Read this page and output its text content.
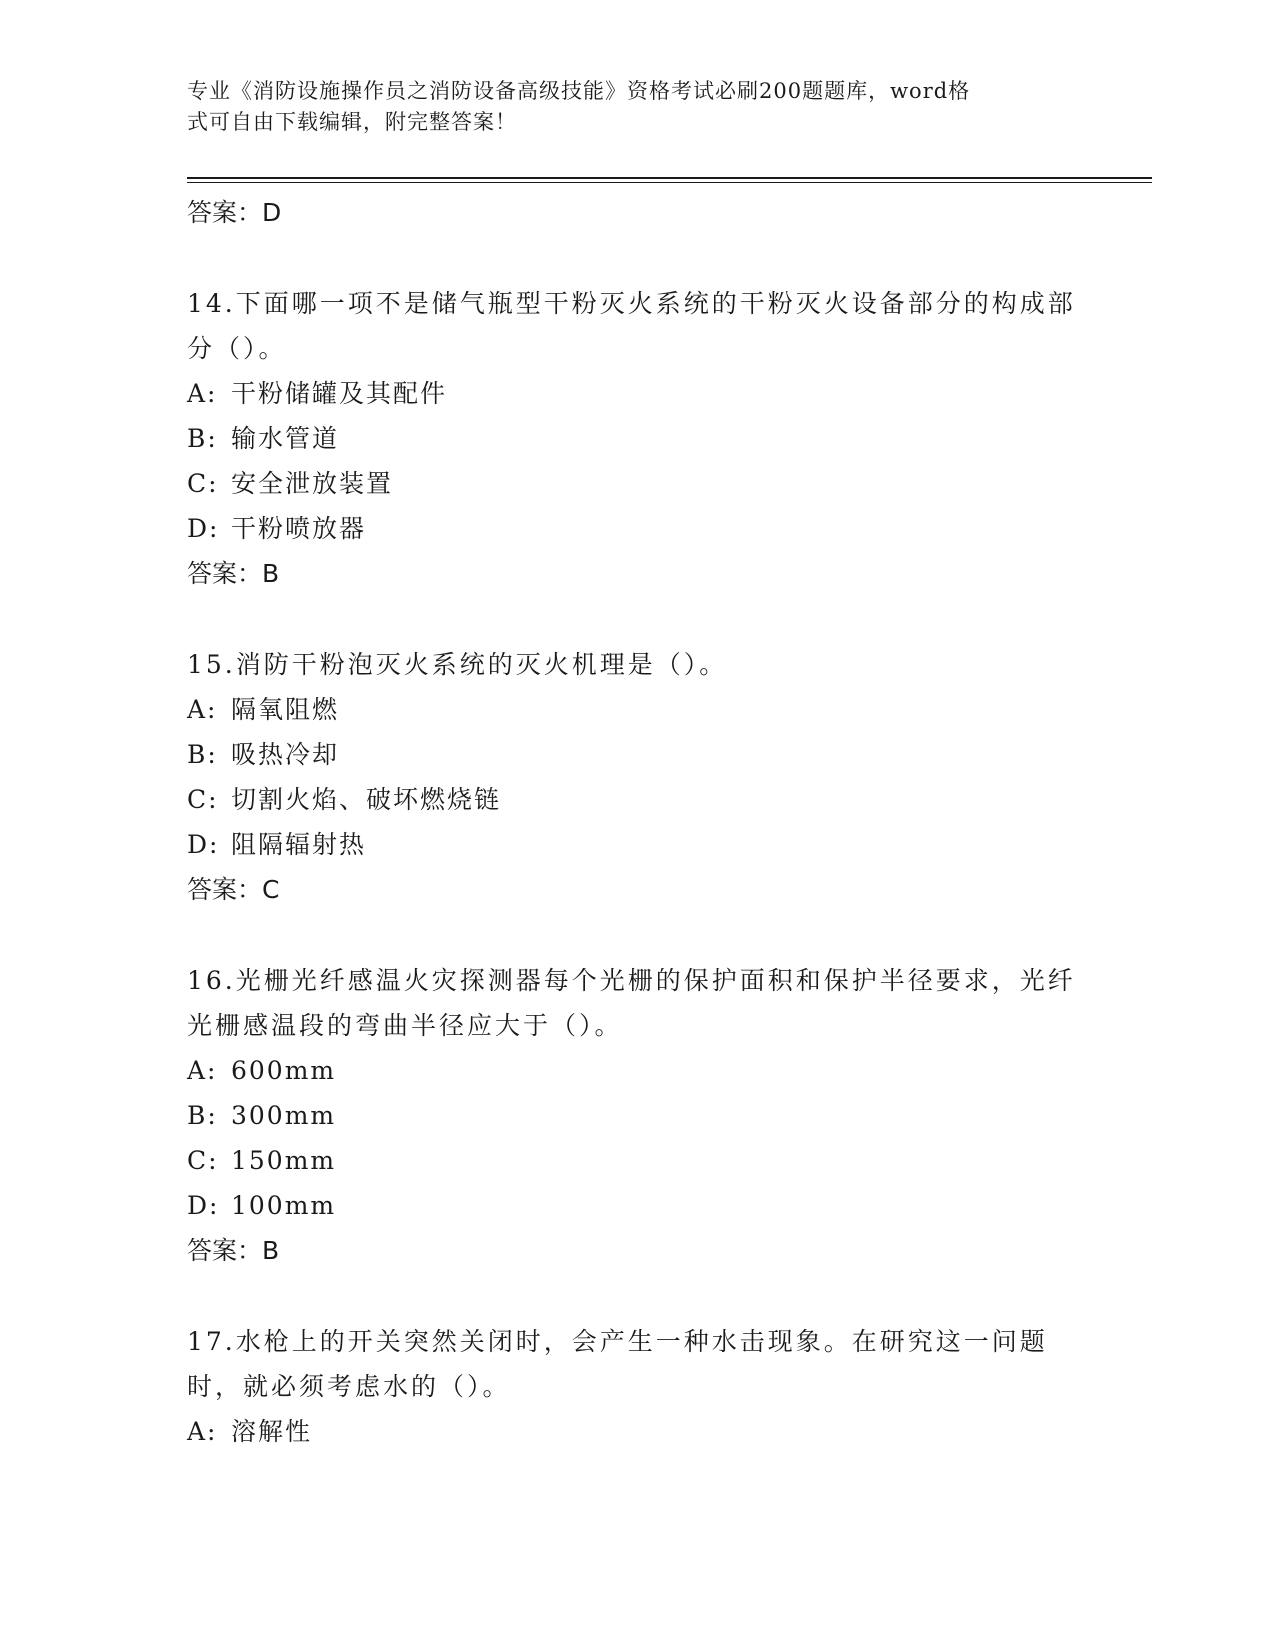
专业《消防设施操作员之消防设备高级技能》资格考试必刷200题题库，word格
式可自由下载编辑，附完整答案！

答案：D

14.下面哪一项不是储气瓶型干粉灭火系统的干粉灭火设备部分的构成部分（）。

A: 干粉储罐及其配件

B: 输水管道

C: 安全泄放装置

D: 干粉喷放器

答案：B

15.消防干粉泡灭火系统的灭火机理是（）。

A: 隔氧阻燃

B: 吸热冷却

C: 切割火焰、破坏燃烧链

D: 阻隔辐射热

答案：C

16.光栅光纤感温火灾探测器每个光栅的保护面积和保护半径要求，光纤光栅感温段的弯曲半径应大于（）。

A: 600mm

B: 300mm

C: 150mm

D: 100mm

答案：B

17.水枪上的开关突然关闭时，会产生一种水击现象。在研究这一问题时，就必须考虑水的（）。

A: 溶解性
